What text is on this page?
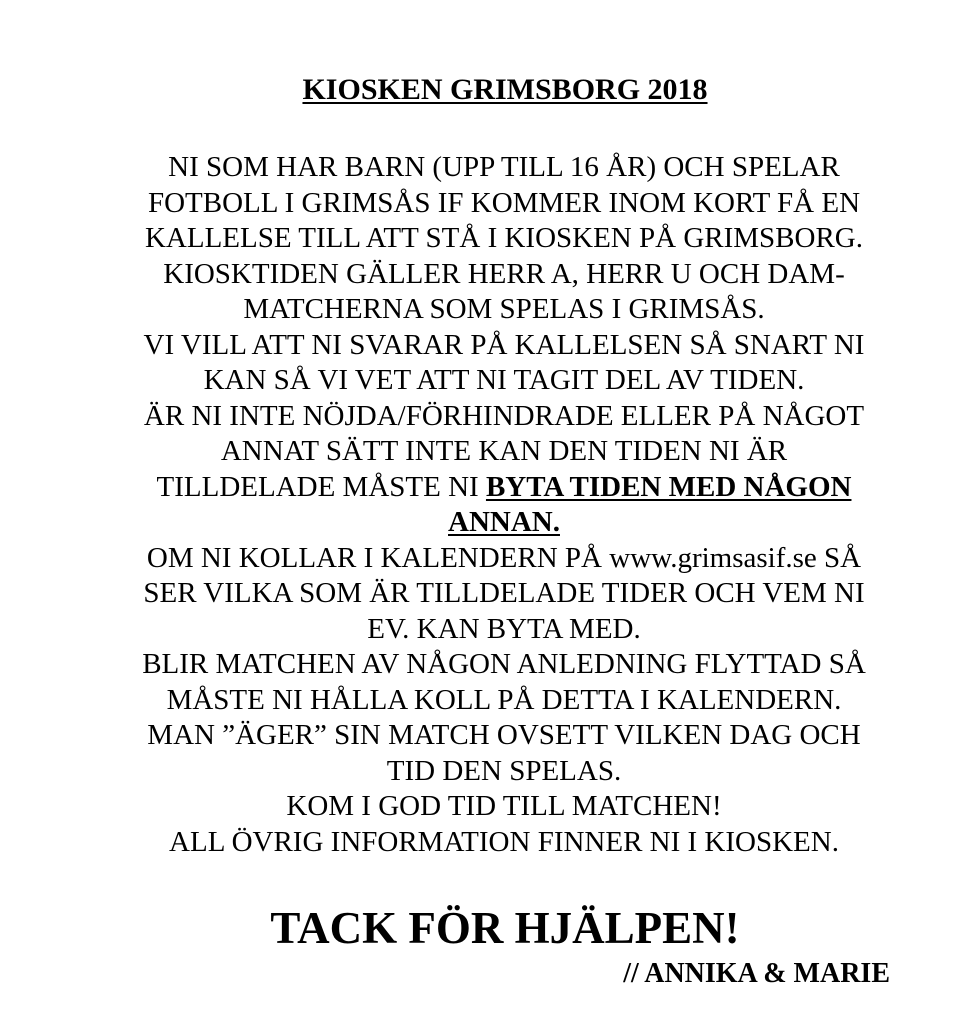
KIOSKEN GRIMSBORG 2018
NI SOM HAR BARN (UPP TILL 16 ÅR) OCH SPELAR
FOTBOLL I GRIMSÅS IF KOMMER INOM KORT FÅ EN
KALLELSE TILL ATT STÅ I KIOSKEN PÅ GRIMSBORG.
KIOSKTIDEN GÄLLER HERR A, HERR U OCH DAM-
MATCHERNA SOM SPELAS I GRIMSÅS.
VI VILL ATT NI SVARAR PÅ KALLELSEN SÅ SNART NI
KAN SÅ VI VET ATT NI TAGIT DEL AV TIDEN.
ÄR NI INTE NÖJDA/FÖRHINDRADE ELLER PÅ NÅGOT
ANNAT SÄTT INTE KAN DEN TIDEN NI ÄR
TILLDELADE MÅSTE NI BYTA TIDEN MED NÅGON
ANNAN.
OM NI KOLLAR I KALENDERN PÅ www.grimsasif.se SÅ
SER VILKA SOM ÄR TILLDELADE TIDER OCH VEM NI
EV. KAN BYTA MED.
BLIR MATCHEN AV NÅGON ANLEDNING FLYTTAD SÅ
MÅSTE NI HÅLLA KOLL PÅ DETTA I KALENDERN.
MAN ”ÄGER” SIN MATCH OVSETT VILKEN DAG OCH
TID DEN SPELAS.
KOM I GOD TID TILL MATCHEN!
ALL ÖVRIG INFORMATION FINNER NI I KIOSKEN.
TACK FÖR HJÄLPEN!

// ANNIKA & MARIE
